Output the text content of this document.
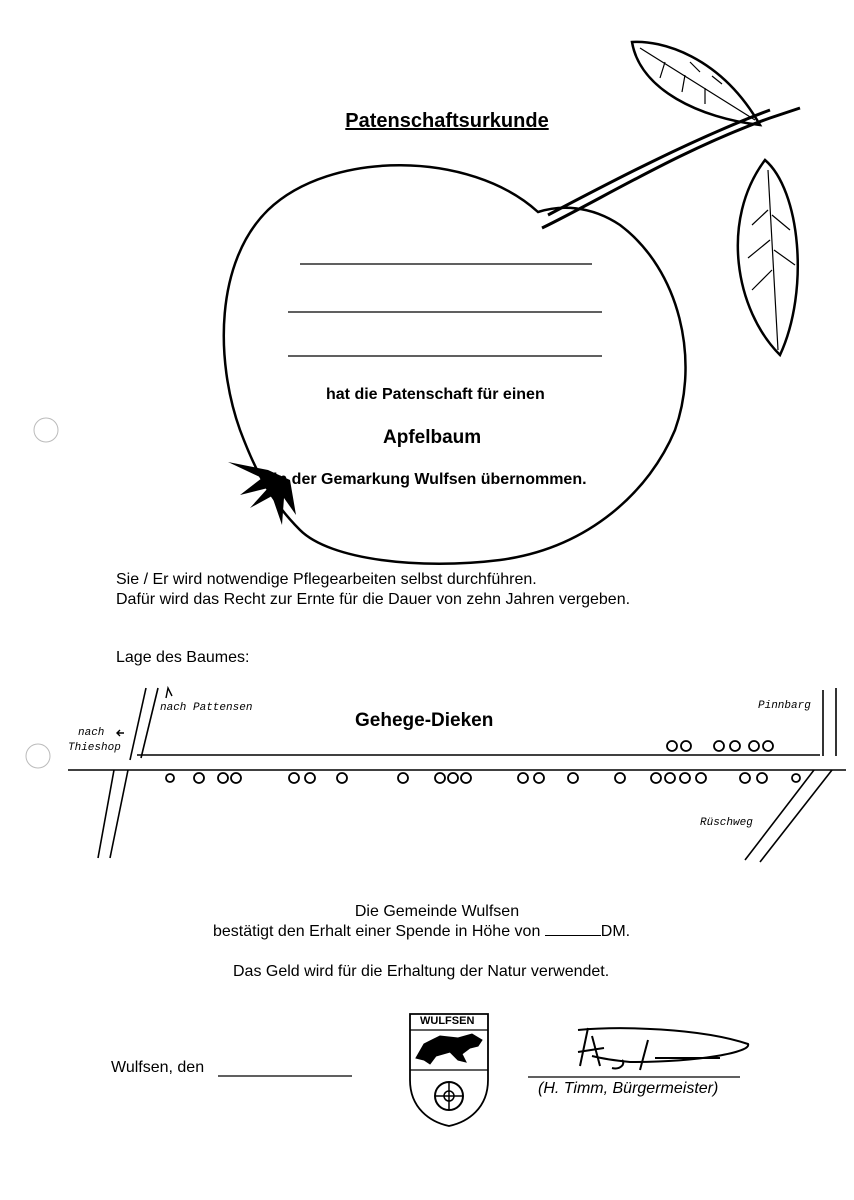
Patenschaftsurkunde
hat die Patenschaft für einen
Apfelbaum
in der Gemarkung Wulfsen übernommen.
Sie / Er wird notwendige Pflegearbeiten selbst durchführen.
Dafür wird das Recht zur Ernte für die Dauer von zehn Jahren vergeben.
Lage des Baumes:
nach Pattensen
nach
Thieshop
Pinnbarg
Rüschweg
Gehege-Dieken
Die Gemeinde Wulfsen
bestätigt den Erhalt einer Spende in Höhe von	DM.
Das Geld wird für die Erhaltung der Natur verwendet.
Wulfsen, den
WULFSEN
(H. Timm, Bürgermeister)
